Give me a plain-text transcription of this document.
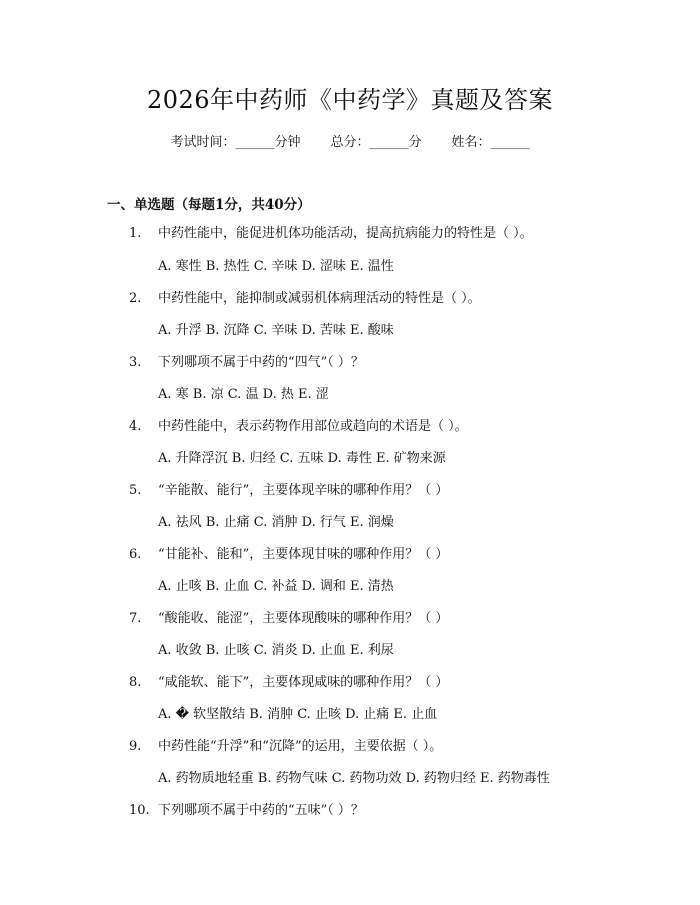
2026年中药师《中药学》真题及答案
考试时间：______分钟 总分：______分 姓名：______
一、单选题（每题1分，共40分）
1. 中药性能中，能促进机体功能活动，提高抗病能力的特性是（ ）。
A. 寒性 B. 热性 C. 辛味 D. 涩味 E. 温性
2. 中药性能中，能抑制或减弱机体病理活动的特性是（ ）。
A. 升浮 B. 沉降 C. 辛味 D. 苦味 E. 酸味
3. 下列哪项不属于中药的“四气”（ ）？
A. 寒 B. 凉 C. 温 D. 热 E. 涩
4. 中药性能中，表示药物作用部位或趋向的术语是（ ）。
A. 升降浮沉 B. 归经 C. 五味 D. 毒性 E. 矿物来源
5. “辛能散、能行”，主要体现辛味的哪种作用？（ ）
A. 祛风 B. 止痛 C. 消肿 D. 行气 E. 润燥
6. “甘能补、能和”，主要体现甘味的哪种作用？（ ）
A. 止咳 B. 止血 C. 补益 D. 调和 E. 清热
7. “酸能收、能涩”，主要体现酸味的哪种作用？（ ）
A. 收敛 B. 止咳 C. 消炎 D. 止血 E. 利尿
8. “咸能软、能下”，主要体现咸味的哪种作用？（ ）
A. � 软坚散结 B. 消肿 C. 止咳 D. 止痛 E. 止血
9. 中药性能“升浮”和“沉降”的运用，主要依据（ ）。
A. 药物质地轻重 B. 药物气味 C. 药物功效 D. 药物归经 E. 药物毒性
10. 下列哪项不属于中药的“五味”（ ）？
